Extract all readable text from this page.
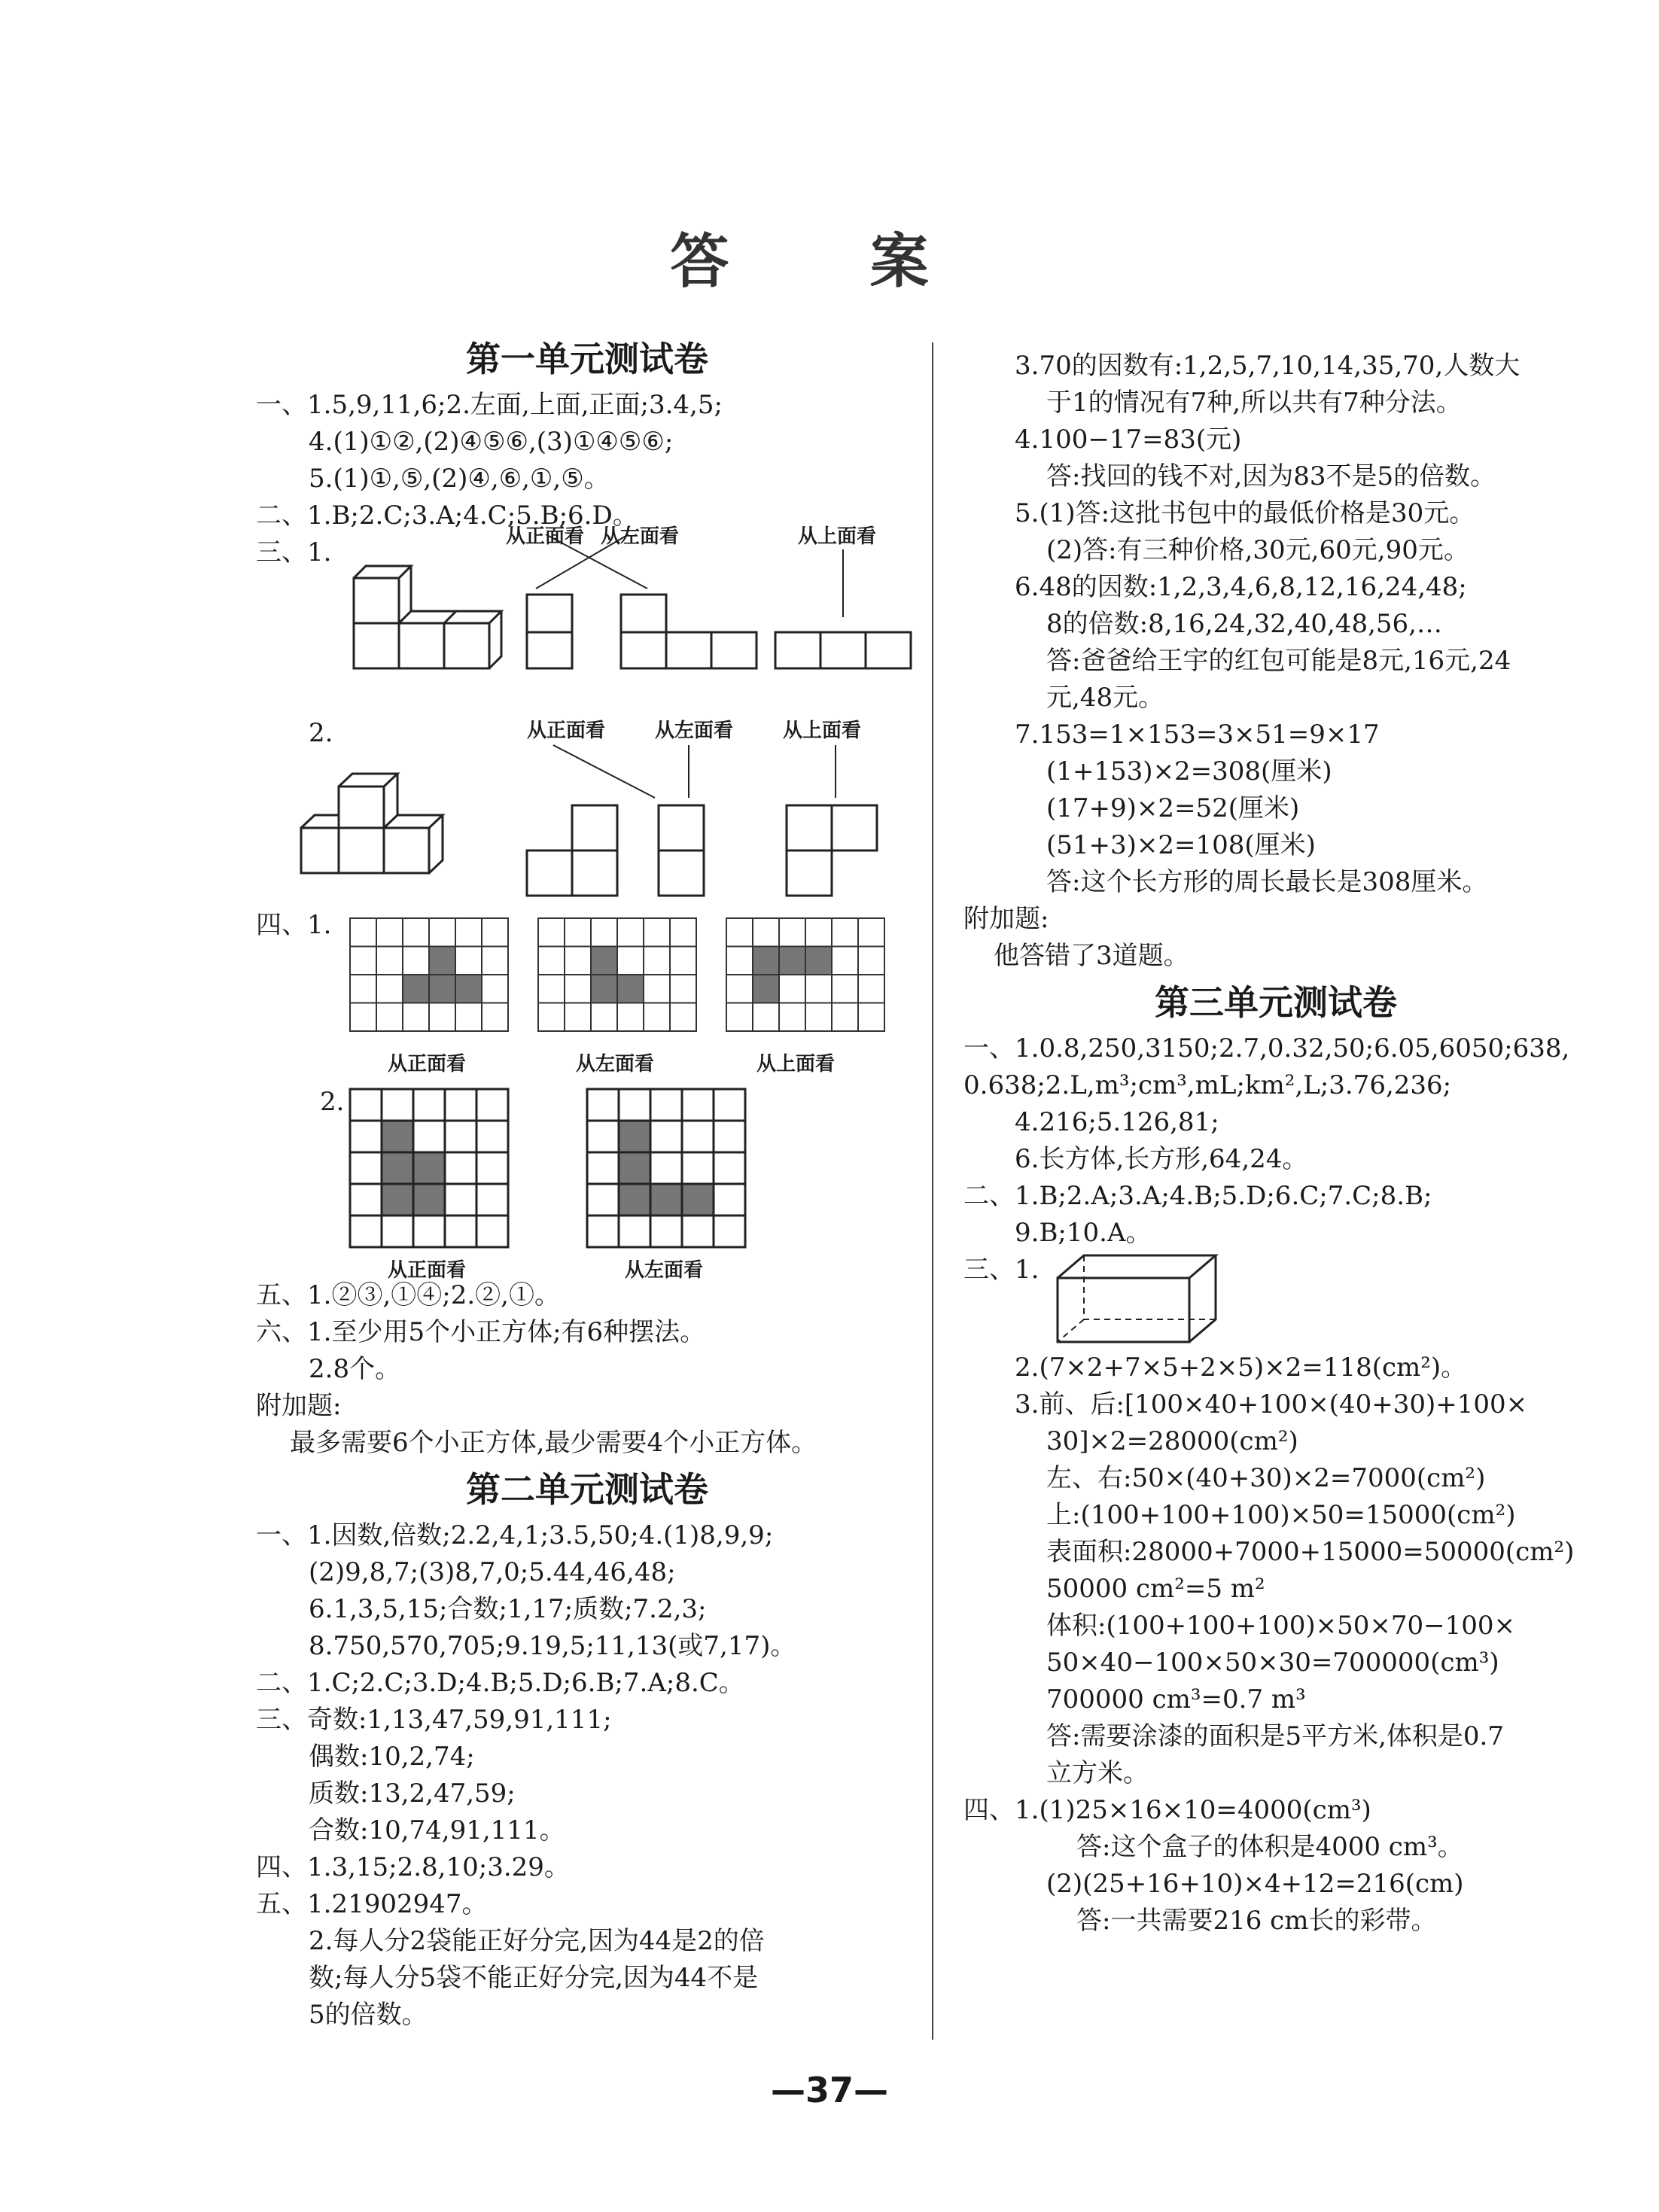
答 案
第一单元测试卷
一、1.5,9,11,6;2.左面,上面,正面;3.4,5;
4.(1)①②,(2)④⑤⑥,(3)①④⑤⑥;
5.(1)①,⑤,(2)④,⑥,①,⑤。
二、1.B;2.C;3.A;4.C;5.B;6.D。
三、1.
从正面看 从左面看	从上面看
2.	从正面看	从左面看	从上面看
四、1.
从正面看	从左面看	从上面看
2.
从正面看	从左面看
五、1.②③,①④;2.②,①。
六、1.至少用5个小正方体;有6种摆法。
2.8个。
附加题:
最多需要6个小正方体,最少需要4个小正方体。
第二单元测试卷
一、1.因数,倍数;2.2,4,1;3.5,50;4.(1)8,9,9;
(2)9,8,7;(3)8,7,0;5.44,46,48;
6.1,3,5,15;合数;1,17;质数;7.2,3;
8.750,570,705;9.19,5;11,13(或7,17)。
二、1.C;2.C;3.D;4.B;5.D;6.B;7.A;8.C。
三、奇数:1,13,47,59,91,111;
偶数:10,2,74;
质数:13,2,47,59;
合数:10,74,91,111。
四、1.3,15;2.8,10;3.29。
五、1.21902947。
2.每人分2袋能正好分完,因为44是2的倍
数;每人分5袋不能正好分完,因为44不是
5的倍数。
3.70的因数有:1,2,5,7,10,14,35,70,人数大
于1的情况有7种,所以共有7种分法。
4.100−17=83(元)
答:找回的钱不对,因为83不是5的倍数。
5.(1)答:这批书包中的最低价格是30元。
(2)答:有三种价格,30元,60元,90元。
6.48的因数:1,2,3,4,6,8,12,16,24,48;
8的倍数:8,16,24,32,40,48,56,…
答:爸爸给王宇的红包可能是8元,16元,24
元,48元。
7.153=1×153=3×51=9×17
(1+153)×2=308(厘米)
(17+9)×2=52(厘米)
(51+3)×2=108(厘米)
答:这个长方形的周长最长是308厘米。
附加题:
他答错了3道题。
第三单元测试卷
一、1.0.8,250,3150;2.7,0.32,50;6.05,6050;638,
0.638;2.L,m³;cm³,mL;km²,L;3.76,236;
4.216;5.126,81;
6.长方体,长方形,64,24。
二、1.B;2.A;3.A;4.B;5.D;6.C;7.C;8.B;
9.B;10.A。
三、1.
2.(7×2+7×5+2×5)×2=118(cm²)。
3.前、后:[100×40+100×(40+30)+100×
30]×2=28000(cm²)
左、右:50×(40+30)×2=7000(cm²)
上:(100+100+100)×50=15000(cm²)
表面积:28000+7000+15000=50000(cm²)
50000 cm²=5 m²
体积:(100+100+100)×50×70−100×
50×40−100×50×30=700000(cm³)
700000 cm³=0.7 m³
答:需要涂漆的面积是5平方米,体积是0.7
立方米。
四、1.(1)25×16×10=4000(cm³)
答:这个盒子的体积是4000 cm³。
(2)(25+16+10)×4+12=216(cm)
答:一共需要216 cm长的彩带。
—37—
